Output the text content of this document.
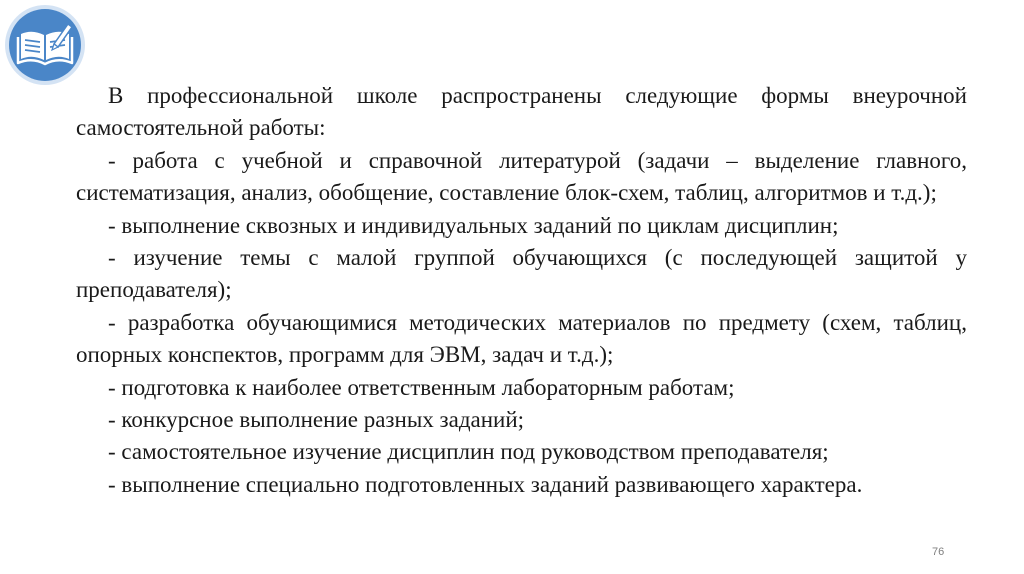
В профессиональной школе распространены следующие формы внеурочной самостоятельной работы:

- работа с учебной и справочной литературой (задачи – выделение главного, систематизация, анализ, обобщение, составление блок-схем, таблиц, алгоритмов и т.д.);

- выполнение сквозных и индивидуальных заданий по циклам дисциплин;

- изучение темы с малой группой обучающихся (с последующей защитой у преподавателя);

- разработка обучающимися методических материалов по предмету (схем, таблиц, опорных конспектов, программ для ЭВМ, задач и т.д.);

- подготовка к наиболее ответственным лабораторным работам;

- конкурсное выполнение разных заданий;

- самостоятельное изучение дисциплин под руководством преподавателя;

- выполнение специально подготовленных заданий развивающего характера.

76
